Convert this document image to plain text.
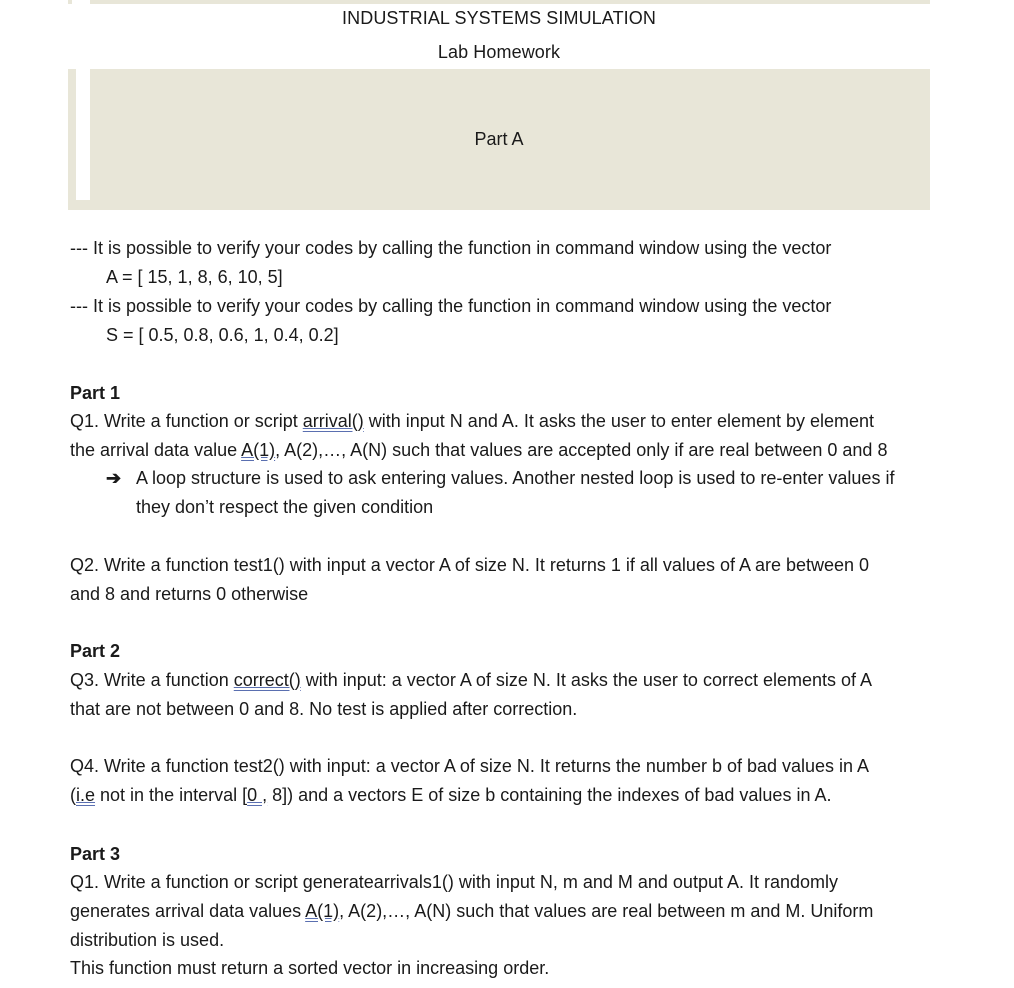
INDUSTRIAL SYSTEMS SIMULATION
Lab Homework
Part A
--- It is possible to verify your codes by calling the function in command window using the vector
A = [ 15, 1, 8, 6, 10, 5]
--- It is possible to verify your codes by calling the function in command window using the vector
S = [ 0.5, 0.8, 0.6, 1, 0.4, 0.2]
Part 1
Q1. Write a function or script arrival() with input N and A. It asks the user to enter element by element
the arrival data value A(1), A(2),…, A(N) such that values are accepted only if are real between 0 and 8
➔ A loop structure is used to ask entering values. Another nested loop is used to re-enter values if
they don’t respect the given condition
Q2. Write a function test1() with input a vector A of size N. It returns 1 if all values of A are between 0
and 8 and returns 0 otherwise
Part 2
Q3. Write a function correct() with input: a vector A of size N. It asks the user to correct elements of A
that are not between 0 and 8. No test is applied after correction.
Q4. Write a function test2() with input: a vector A of size N. It returns the number b of bad values in A
(i.e not in the interval [0 , 8]) and a vectors E of size b containing the indexes of bad values in A.
Part 3
Q1. Write a function or script generatearrivals1() with input N, m and M and output A. It randomly
generates arrival data values A(1), A(2),…, A(N) such that values are real between m and M. Uniform
distribution is used.
This function must return a sorted vector in increasing order.
